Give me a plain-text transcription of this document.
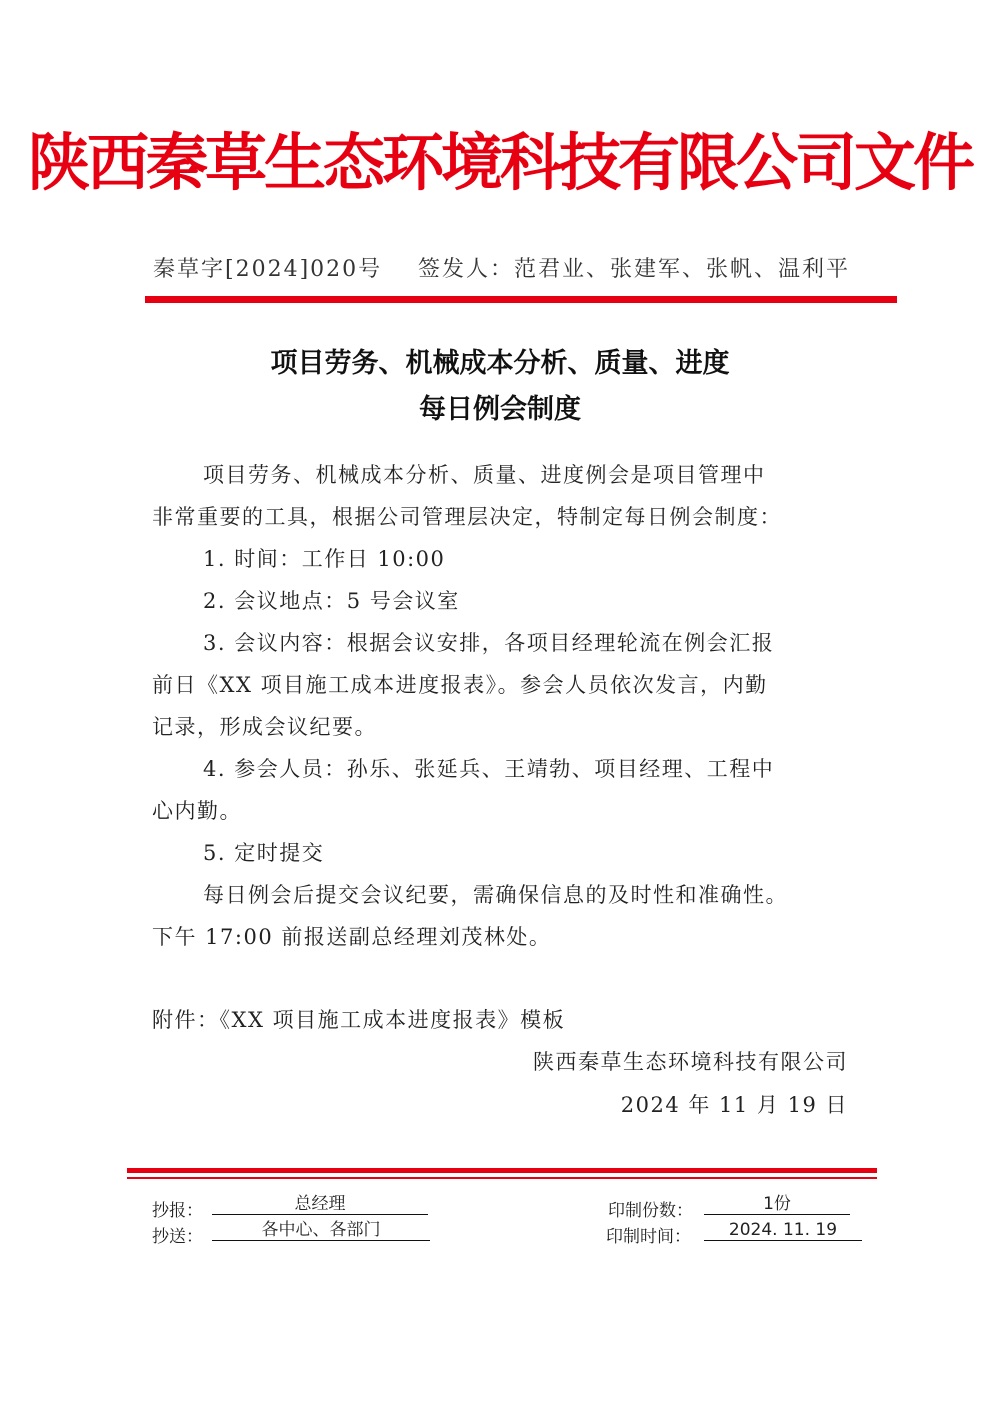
陕西秦草生态环境科技有限公司文件
秦草字[2024]020号 签发人：范君业、张建军、张帆、温利平
项目劳务、机械成本分析、质量、进度
每日例会制度
项目劳务、机械成本分析、质量、进度例会是项目管理中
非常重要的工具，根据公司管理层决定，特制定每日例会制度：
1. 时间：工作日 10:00
2. 会议地点：5 号会议室
3. 会议内容：根据会议安排，各项目经理轮流在例会汇报
前日《XX 项目施工成本进度报表》。参会人员依次发言，内勤
记录，形成会议纪要。
4. 参会人员：孙乐、张延兵、王靖勃、项目经理、工程中
心内勤。
5. 定时提交
每日例会后提交会议纪要，需确保信息的及时性和准确性。
下午 17:00 前报送副总经理刘茂林处。
附件：《XX 项目施工成本进度报表》模板
陕西秦草生态环境科技有限公司
2024 年 11 月 19 日
抄报：	总经理
抄送：	各中心、各部门
印制份数：	1份
印制时间：	2024. 11. 19
